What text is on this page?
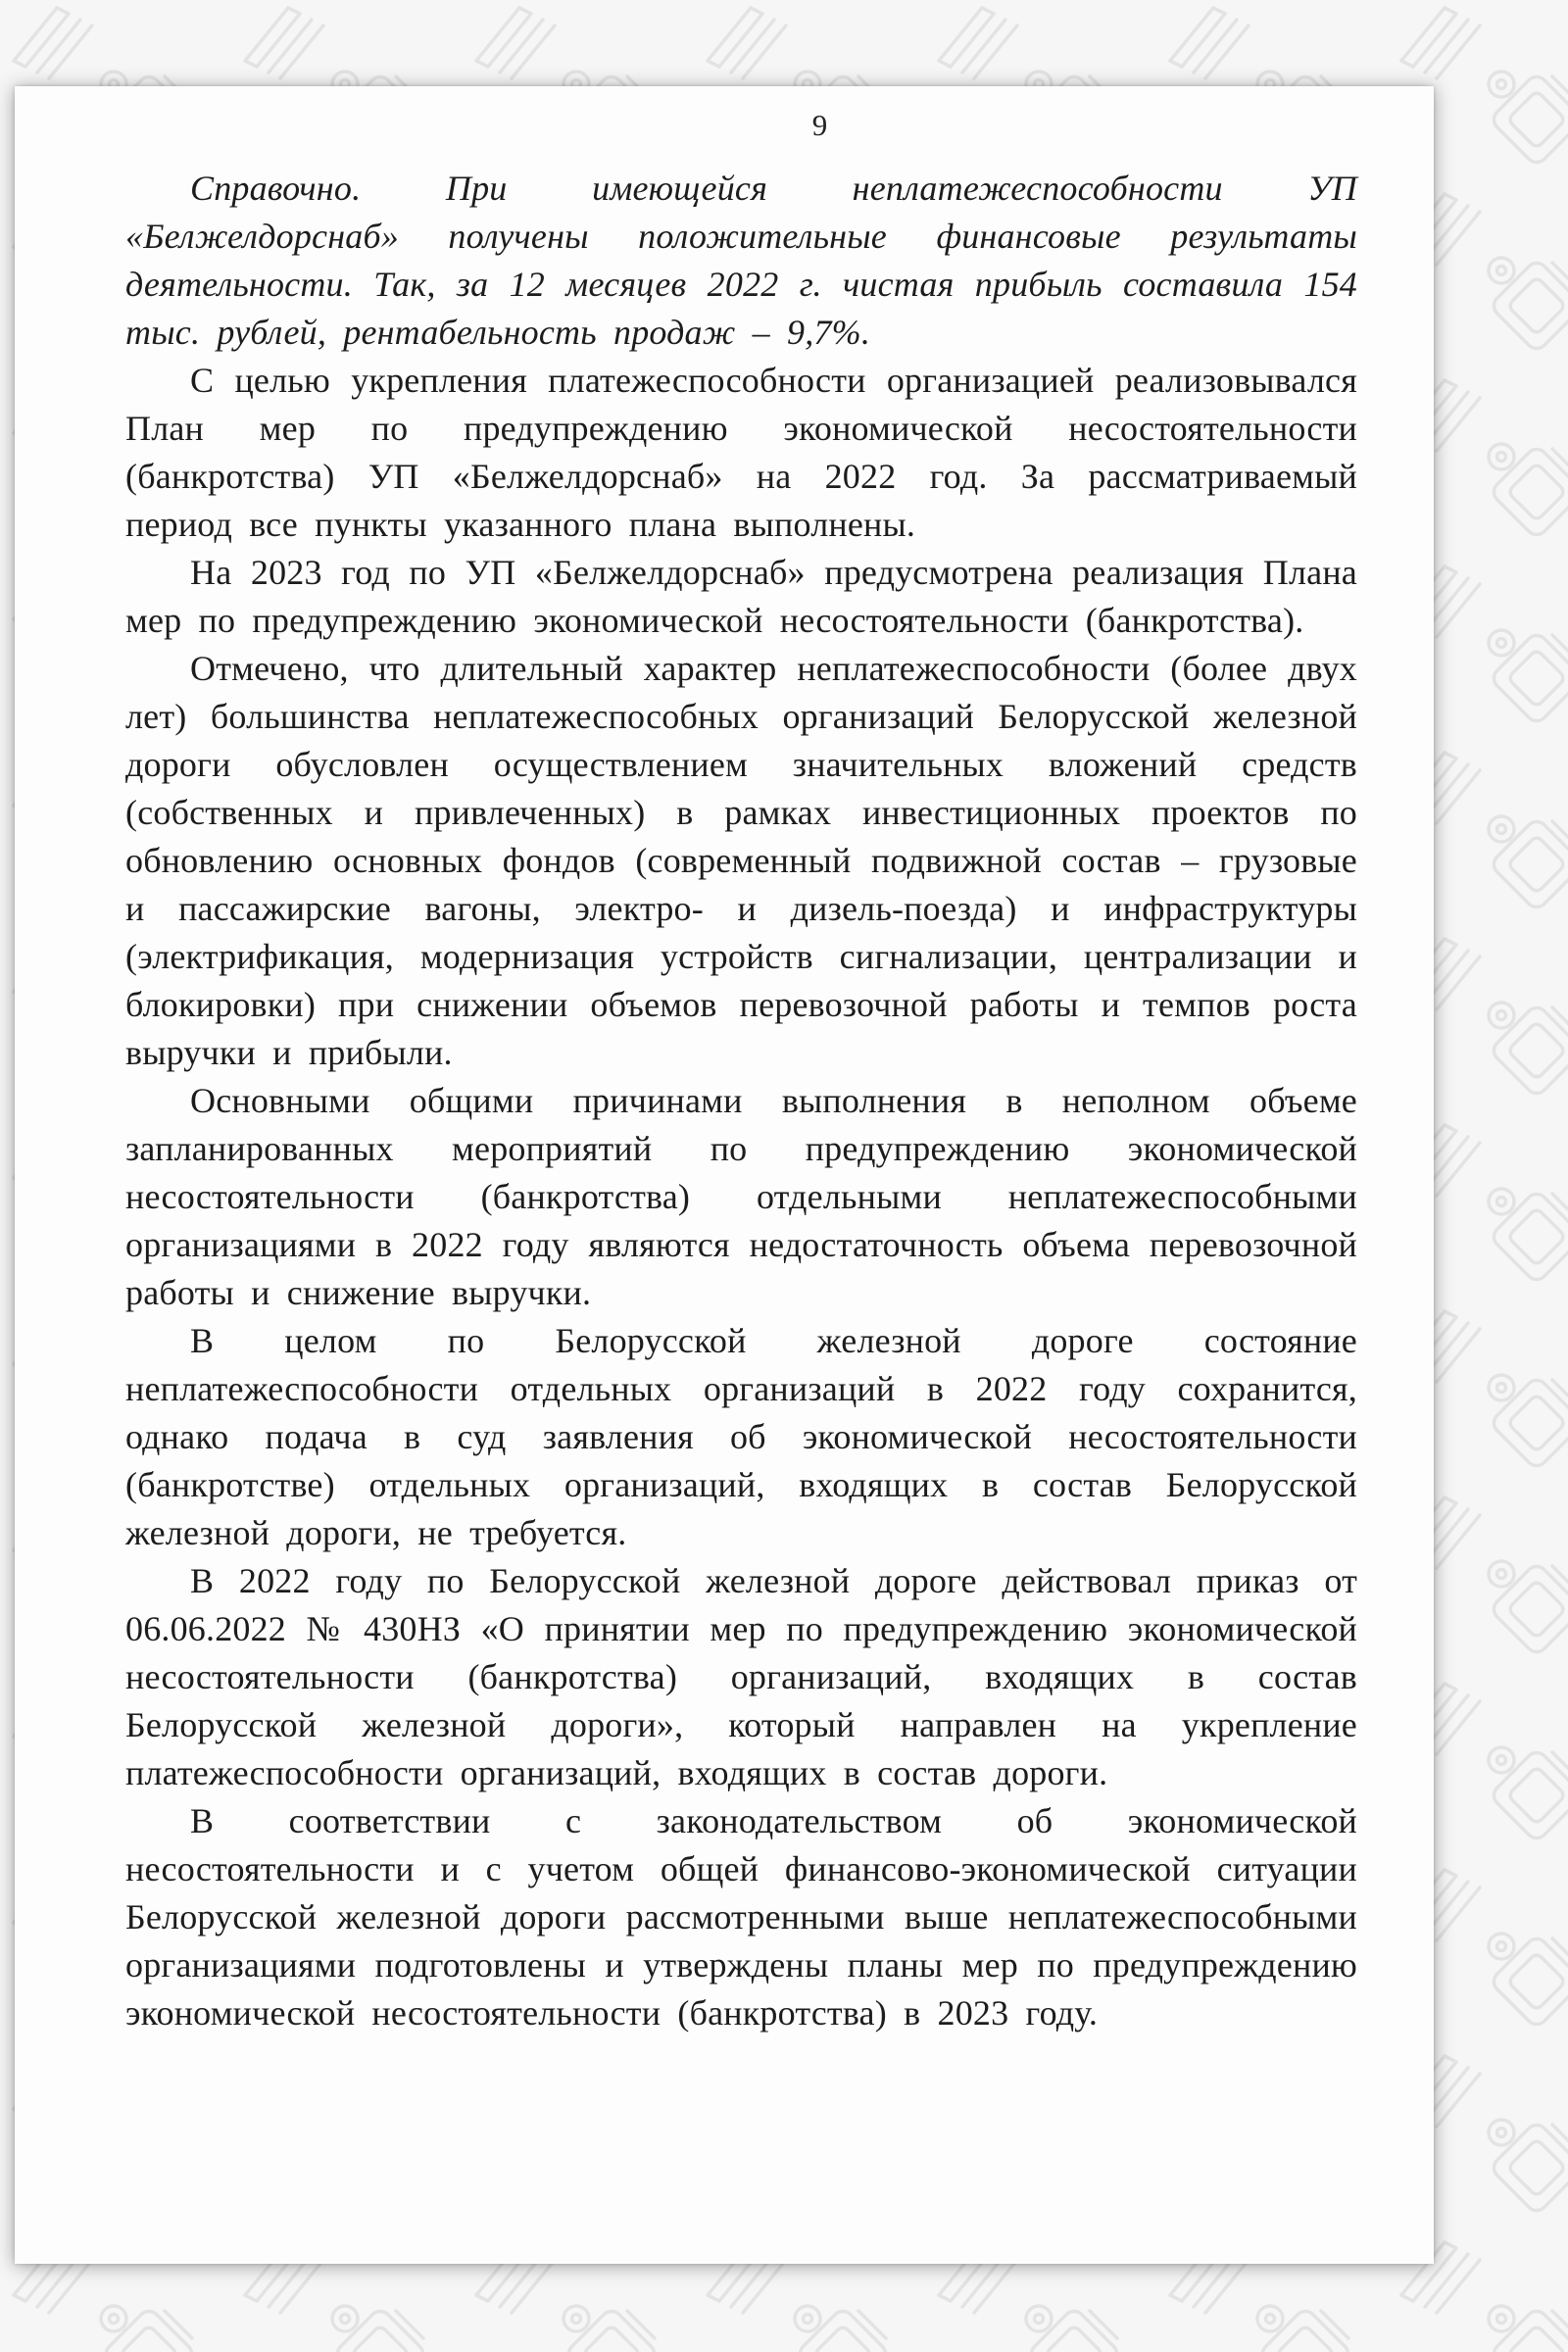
9

Справочно. При имеющейся неплатежеспособности УП «Белжелдорснаб» получены положительные финансовые результаты деятельности. Так, за 12 месяцев 2022 г. чистая прибыль составила 154 тыс. рублей, рентабельность продаж – 9,7%.

С целью укрепления платежеспособности организацией реализовывался План мер по предупреждению экономической несостоятельности (банкротства) УП «Белжелдорснаб» на 2022 год. За рассматриваемый период все пункты указанного плана выполнены.

На 2023 год по УП «Белжелдорснаб» предусмотрена реализация Плана мер по предупреждению экономической несостоятельности (банкротства).

Отмечено, что длительный характер неплатежеспособности (более двух лет) большинства неплатежеспособных организаций Белорусской железной дороги обусловлен осуществлением значительных вложений средств (собственных и привлеченных) в рамках инвестиционных проектов по обновлению основных фондов (современный подвижной состав – грузовые и пассажирские вагоны, электро- и дизель-поезда) и инфраструктуры (электрификация, модернизация устройств сигнализации, централизации и блокировки) при снижении объемов перевозочной работы и темпов роста выручки и прибыли.

Основными общими причинами выполнения в неполном объеме запланированных мероприятий по предупреждению экономической несостоятельности (банкротства) отдельными неплатежеспособными организациями в 2022 году являются недостаточность объема перевозочной работы и снижение выручки.

В целом по Белорусской железной дороге состояние неплатежеспособности отдельных организаций в 2022 году сохранится, однако подача в суд заявления об экономической несостоятельности (банкротстве) отдельных организаций, входящих в состав Белорусской железной дороги, не требуется.

В 2022 году по Белорусской железной дороге действовал приказ от 06.06.2022 № 430НЗ «О принятии мер по предупреждению экономической несостоятельности (банкротства) организаций, входящих в состав Белорусской железной дороги», который направлен на укрепление платежеспособности организаций, входящих в состав дороги.

В соответствии с законодательством об экономической несостоятельности и с учетом общей финансово-экономической ситуации Белорусской железной дороги рассмотренными выше неплатежеспособными организациями подготовлены и утверждены планы мер по предупреждению экономической несостоятельности (банкротства) в 2023 году.
